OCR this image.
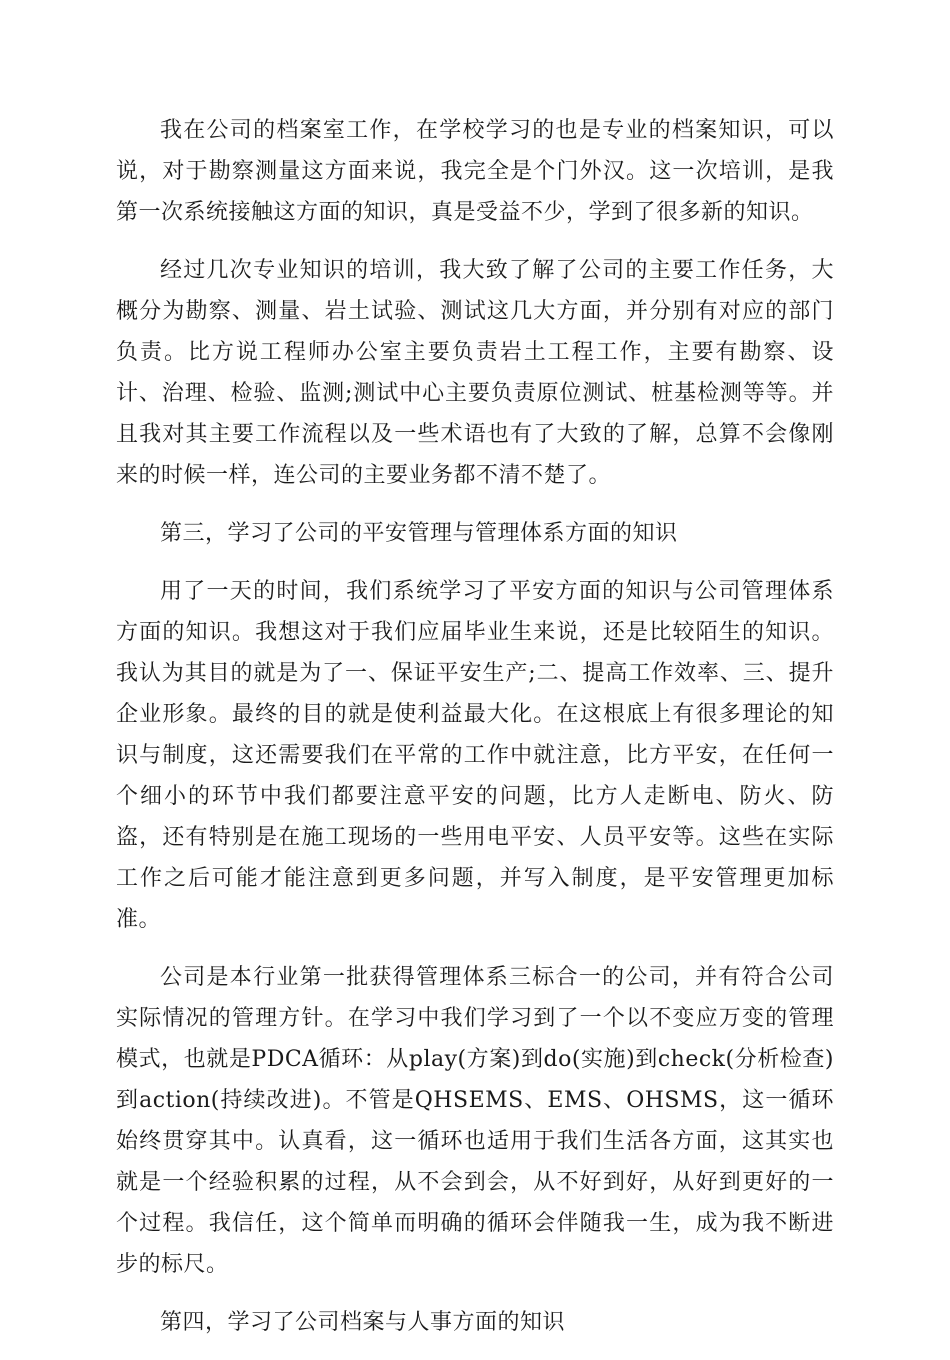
我在公司的档案室工作，在学校学习的也是专业的档案知识，可以说，对于勘察测量这方面来说，我完全是个门外汉。这一次培训，是我第一次系统接触这方面的知识，真是受益不少，学到了很多新的知识。

经过几次专业知识的培训，我大致了解了公司的主要工作任务，大概分为勘察、测量、岩土试验、测试这几大方面，并分别有对应的部门负责。比方说工程师办公室主要负责岩土工程工作，主要有勘察、设计、治理、检验、监测;测试中心主要负责原位测试、桩基检测等等。并且我对其主要工作流程以及一些术语也有了大致的了解，总算不会像刚来的时候一样，连公司的主要业务都不清不楚了。

第三，学习了公司的平安管理与管理体系方面的知识

用了一天的时间，我们系统学习了平安方面的知识与公司管理体系方面的知识。我想这对于我们应届毕业生来说，还是比较陌生的知识。我认为其目的就是为了一、保证平安生产;二、提高工作效率、三、提升企业形象。最终的目的就是使利益最大化。在这根底上有很多理论的知识与制度，这还需要我们在平常的工作中就注意，比方平安，在任何一个细小的环节中我们都要注意平安的问题，比方人走断电、防火、防盗，还有特别是在施工现场的一些用电平安、人员平安等。这些在实际工作之后可能才能注意到更多问题，并写入制度，是平安管理更加标准。

公司是本行业第一批获得管理体系三标合一的公司，并有符合公司实际情况的管理方针。在学习中我们学习到了一个以不变应万变的管理模式，也就是PDCA循环：从play(方案)到do(实施)到check(分析检查)到action(持续改进)。不管是QHSEMS、EMS、OHSMS，这一循环始终贯穿其中。认真看，这一循环也适用于我们生活各方面，这其实也就是一个经验积累的过程，从不会到会，从不好到好，从好到更好的一个过程。我信任，这个简单而明确的循环会伴随我一生，成为我不断进步的标尺。

第四，学习了公司档案与人事方面的知识
